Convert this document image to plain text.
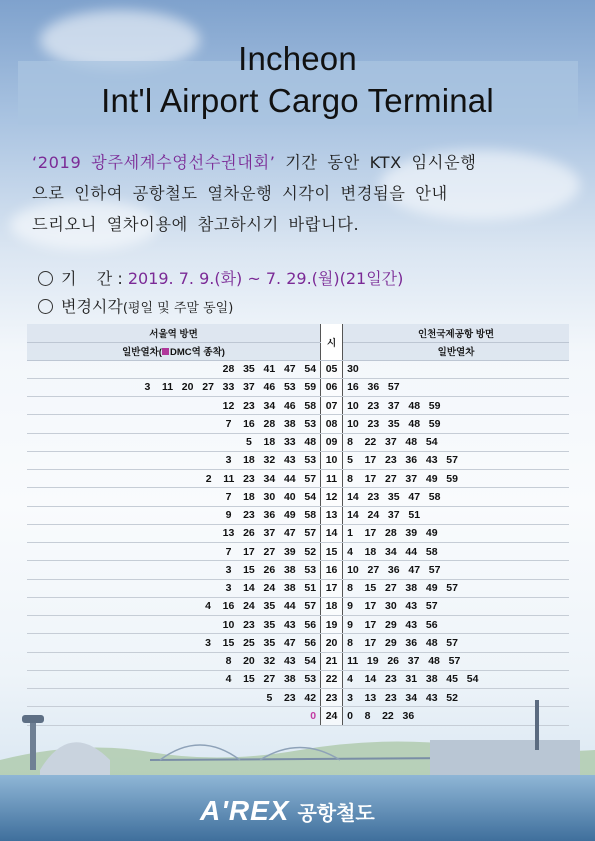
Incheon
Int'l Airport Cargo Terminal
‘2019 광주세계수영선수권대회’ 기간 동안 KTX 임시운행
으로 인하여 공항철도 열차운행 시각이 변경됨을 안내
드리오니 열차이용에 참고하시기 바랍니다.
기    간 : 2019. 7. 9.(화) ~ 7. 29.(월)(21일간)
변경시각(평일 및 주말 동일)
서울역 방면	시	인천국제공항 방면
일반열차( DMC역 종착)		일반열차
28   35   41   47   54	05	30
3    11   20   27   33   37   46   53   59	06	16   36   57
12   23   34   46   58	07	10   23   37   48   59
7    16   28   38   53	08	10   23   35   48   59
5    18   33   48	09	8    22   37   48   54
3    18   32   43   53	10	5    17   23   36   43   57
2    11   23   34   44   57	11	8    17   27   37   49   59
7    18   30   40   54	12	14   23   35   47   58
9    23   36   49   58	13	14   24   37   51
13   26   37   47   57	14	1    17   28   39   49
7    17   27   39   52	15	4    18   34   44   58
3    15   26   38   53	16	10   27   36   47   57
3    14   24   38   51	17	8    15   27   38   49   57
4    16   24   35   44   57	18	9    17   30   43   57
10   23   35   43   56	19	9    17   29   43   56
3    15   25   35   47   56	20	8    17   29   36   48   57
8    20   32   43   54	21	11   19   26   37   48   57
4    15   27   38   53	22	4    14   23   31   38   45   54
5    23   42	23	3    13   23   34   43   52
0	24	0    8    22   36
A'REX 공항철도
